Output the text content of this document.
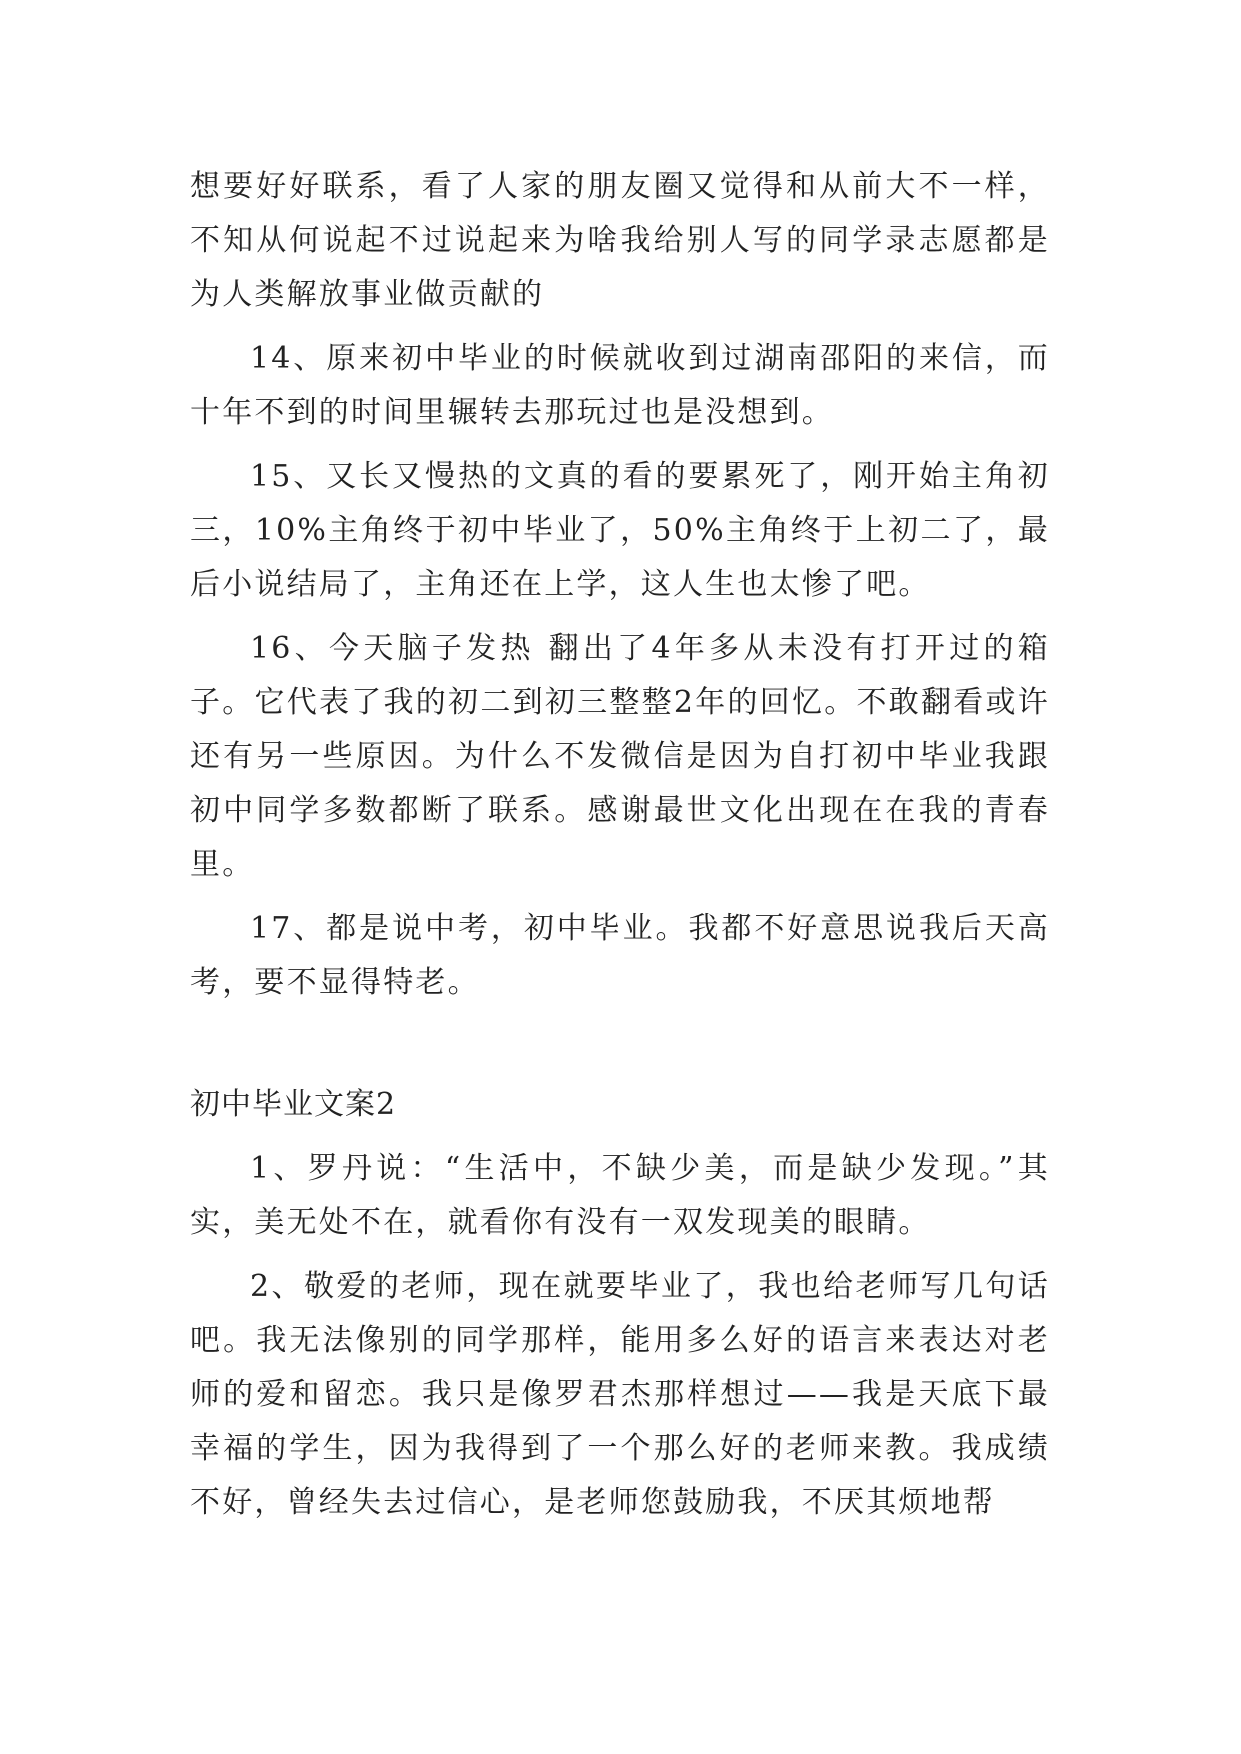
想要好好联系，看了人家的朋友圈又觉得和从前大不一样，不知从何说起不过说起来为啥我给别人写的同学录志愿都是为人类解放事业做贡献的

14、原来初中毕业的时候就收到过湖南邵阳的来信，而十年不到的时间里辗转去那玩过也是没想到。

15、又长又慢热的文真的看的要累死了，刚开始主角初三，10%主角终于初中毕业了，50%主角终于上初二了，最后小说结局了，主角还在上学，这人生也太惨了吧。

16、今天脑子发热 翻出了4年多从未没有打开过的箱子。它代表了我的初二到初三整整2年的回忆。不敢翻看或许还有另一些原因。为什么不发微信是因为自打初中毕业我跟初中同学多数都断了联系。感谢最世文化出现在在我的青春里。

17、都是说中考，初中毕业。我都不好意思说我后天高考，要不显得特老。

初中毕业文案2

1、罗丹说：“生活中，不缺少美，而是缺少发现。”其实，美无处不在，就看你有没有一双发现美的眼睛。

2、敬爱的老师，现在就要毕业了，我也给老师写几句话吧。我无法像别的同学那样，能用多么好的语言来表达对老师的爱和留恋。我只是像罗君杰那样想过——我是天底下最幸福的学生，因为我得到了一个那么好的老师来教。我成绩不好，曾经失去过信心，是老师您鼓励我，不厌其烦地帮
